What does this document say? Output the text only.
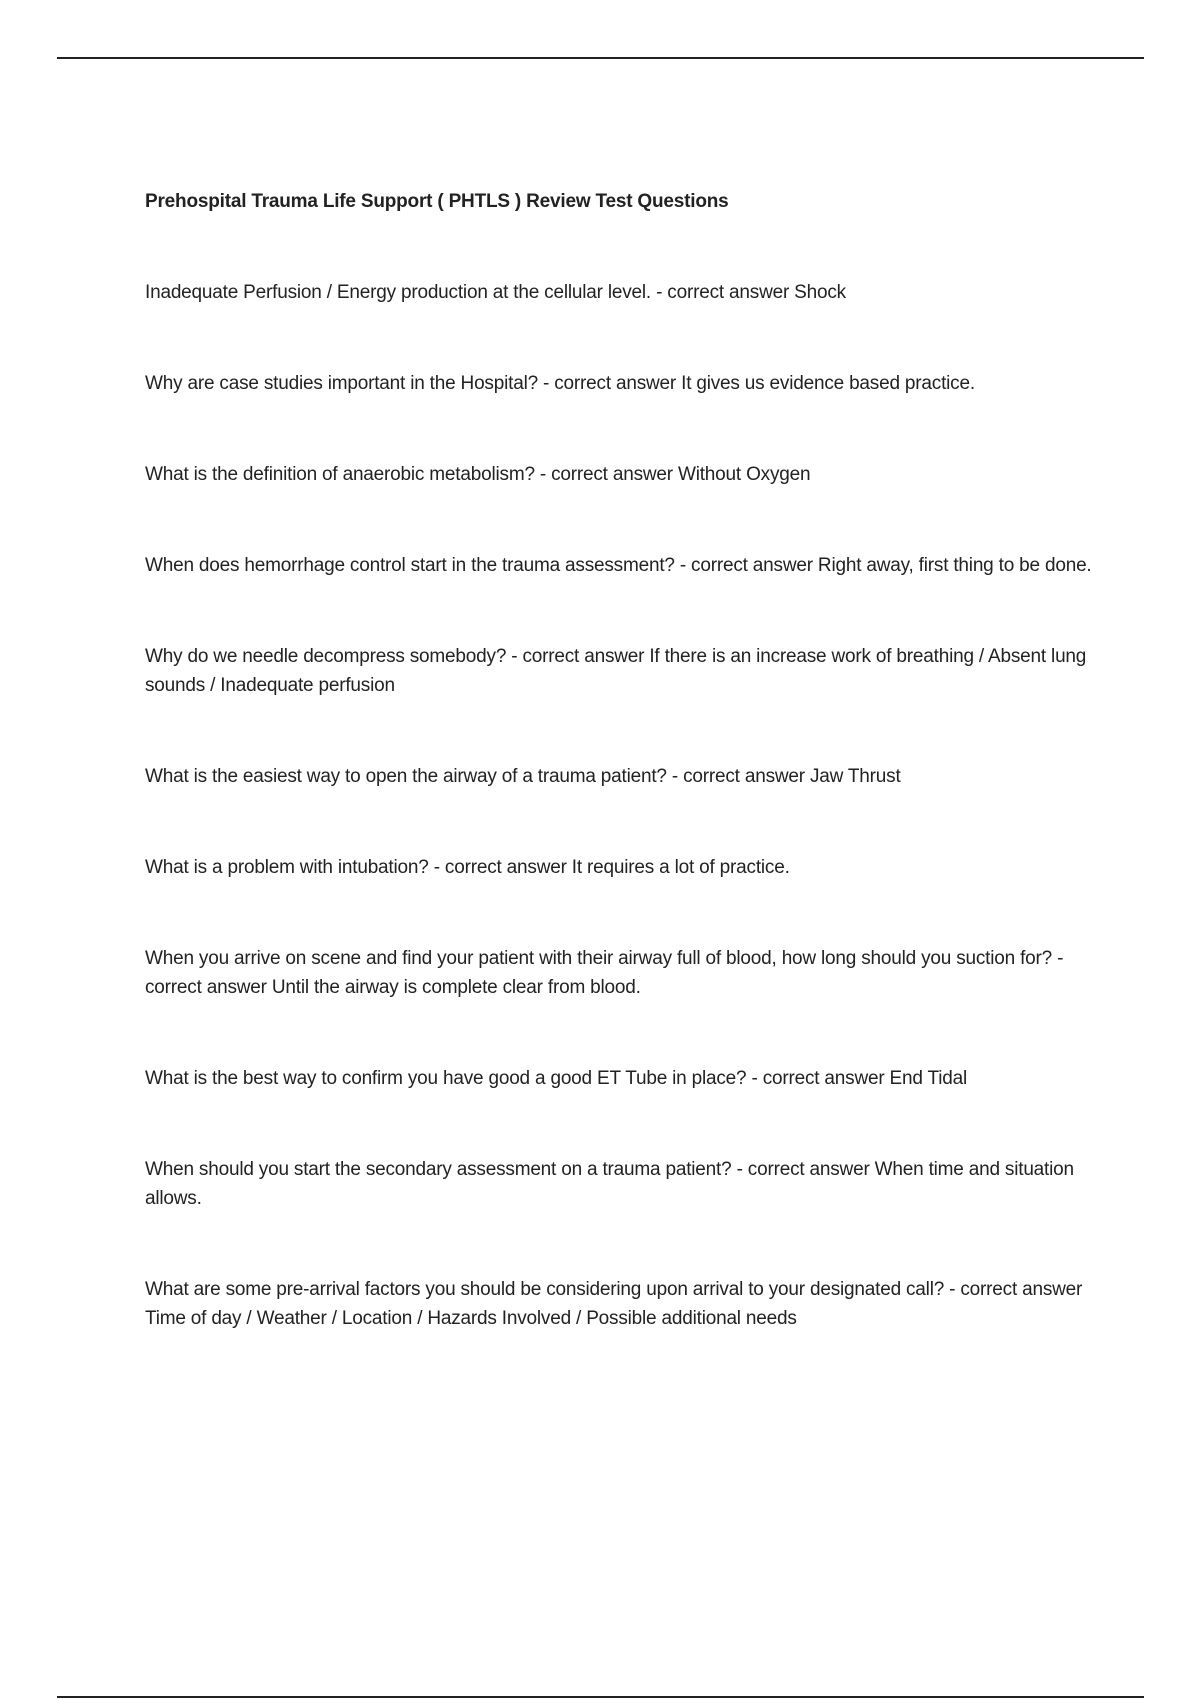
Prehospital Trauma Life Support ( PHTLS ) Review Test Questions
Inadequate Perfusion / Energy production at the cellular level. - correct answer Shock
Why are case studies important in the Hospital? - correct answer It gives us evidence based practice.
What is the definition of anaerobic metabolism? - correct answer Without Oxygen
When does hemorrhage control start in the trauma assessment? - correct answer Right away, first thing to be done.
Why do we needle decompress somebody? - correct answer If there is an increase work of breathing / Absent lung sounds / Inadequate perfusion
What is the easiest way to open the airway of a trauma patient? - correct answer Jaw Thrust
What is a problem with intubation? - correct answer It requires a lot of practice.
When you arrive on scene and find your patient with their airway full of blood, how long should you suction for? - correct answer Until the airway is complete clear from blood.
What is the best way to confirm you have good a good ET Tube in place? - correct answer End Tidal
When should you start the secondary assessment on a trauma patient? - correct answer When time and situation allows.
What are some pre-arrival factors you should be considering upon arrival to your designated call? - correct answer Time of day / Weather / Location / Hazards Involved / Possible additional needs
